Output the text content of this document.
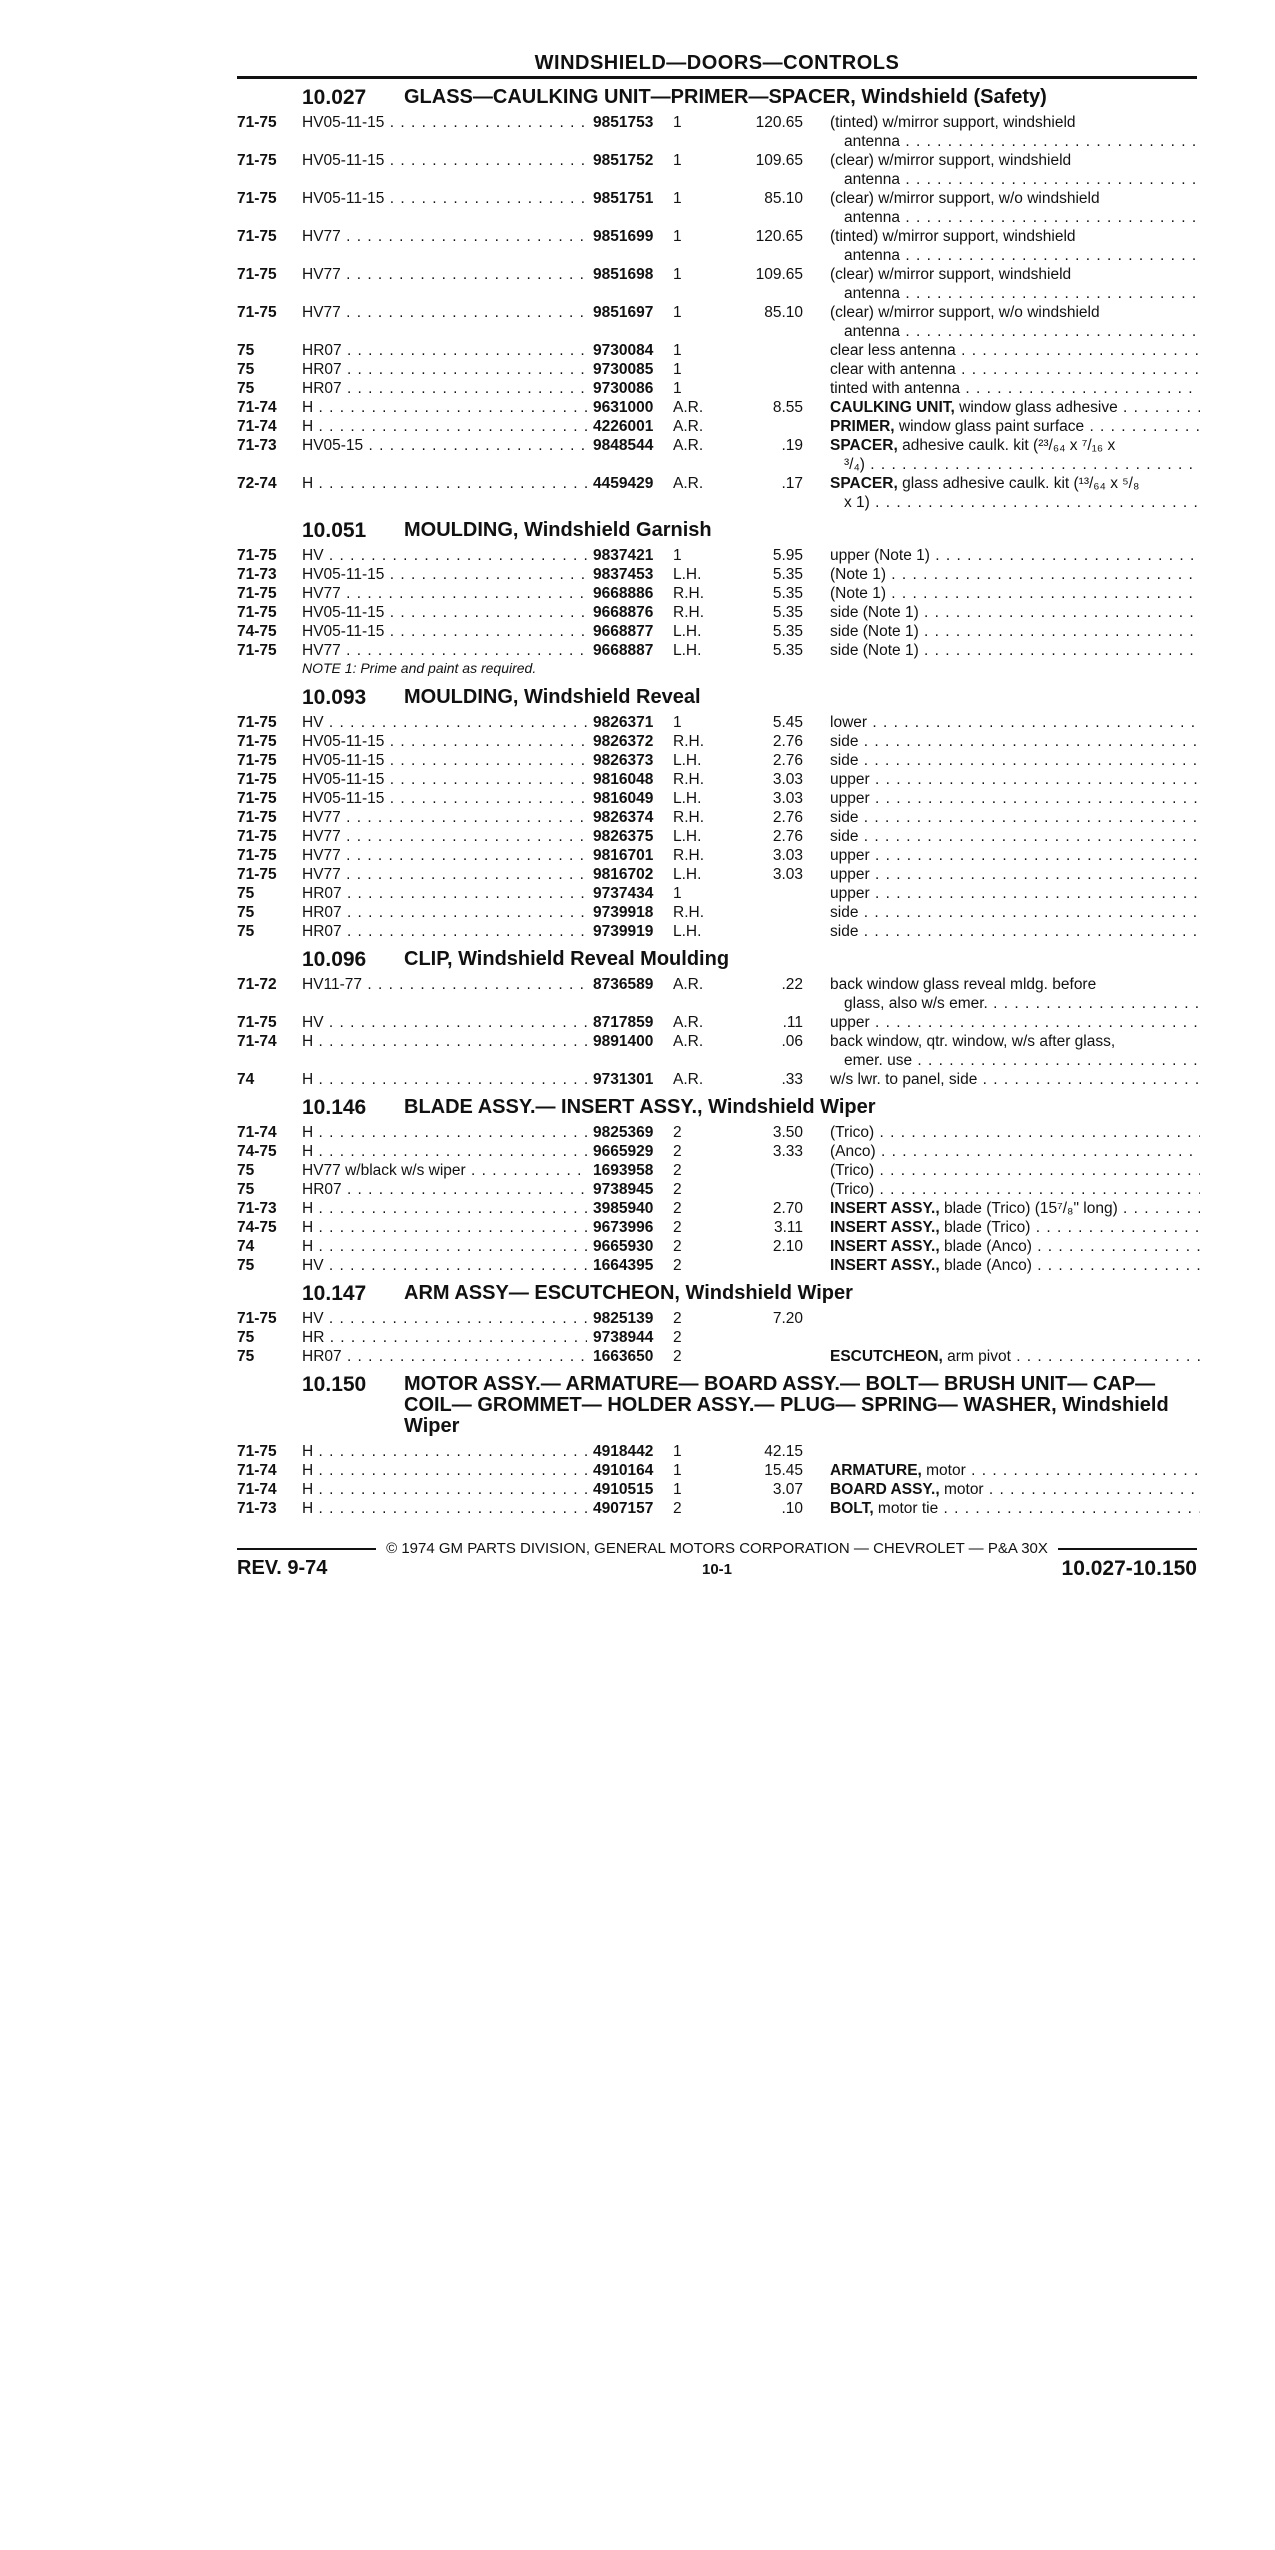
WINDSHIELD—DOORS—CONTROLS
10.027	GLASS—CAULKING UNIT—PRIMER—SPACER, Windshield (Safety)
71-75	HV05-11-15 . . .	9851753	1	120.65 (tinted) w/mirror support, windshield
antenna . . .
71-75	HV05-11-15 . . .	9851752	1	109.65 (clear) w/mirror support, windshield
antenna . . .
71-75	HV05-11-15 . . .	9851751	1	85.10 (clear) w/mirror support, w/o windshield
antenna . . .
71-75	HV77 . . .	9851699	1	120.65 (tinted) w/mirror support, windshield
antenna . . .
71-75	HV77 . . .	9851698	1	109.65 (clear) w/mirror support, windshield
antenna . . .
71-75	HV77 . . .	9851697	1	85.10 (clear) w/mirror support, w/o windshield
antenna . . .
75	HR07 . . .	9730084	1	clear less antenna . . .
75	HR07 . . .	9730085	1	clear with antenna . . .
75	HR07 . . .	9730086	1	tinted with antenna . . .
71-74	H . . .	9631000	A.R.	8.55 CAULKING UNIT, window glass adhesive . . .
71-74	H . . .	4226001	A.R.	PRIMER, window glass paint surface . . .
71-73	HV05-15 . . .	9848544	A.R.	.19 SPACER, adhesive caulk. kit (²³/₆₄ x ⁷/₁₆ x
³/₄) . . .
72-74	H . . .	4459429	A.R.	.17 SPACER, glass adhesive caulk. kit (¹³/₆₄ x ⁵/₈
x 1) . . .
10.051	MOULDING, Windshield Garnish
71-75	HV . . .	9837421	1	5.95 upper (Note 1) . . .
71-73	HV05-11-15 . . .	9837453	L.H.	5.35 (Note 1) . . .
71-75	HV77 . . .	9668886	R.H.	5.35 (Note 1) . . .
71-75	HV05-11-15 . . .	9668876	R.H.	5.35 side (Note 1) . . .
74-75	HV05-11-15 . . .	9668877	L.H.	5.35 side (Note 1) . . .
71-75	HV77 . . .	9668887	L.H.	5.35 side (Note 1) . . .
NOTE 1: Prime and paint as required.
10.093	MOULDING, Windshield Reveal
71-75	HV . . .	9826371	1	5.45 lower . . .
71-75	HV05-11-15 . . .	9826372	R.H.	2.76 side . . .
71-75	HV05-11-15 . . .	9826373	L.H.	2.76 side . . .
71-75	HV05-11-15 . . .	9816048	R.H.	3.03 upper . . .
71-75	HV05-11-15 . . .	9816049	L.H.	3.03 upper . . .
71-75	HV77 . . .	9826374	R.H.	2.76 side . . .
71-75	HV77 . . .	9826375	L.H.	2.76 side . . .
71-75	HV77 . . .	9816701	R.H.	3.03 upper . . .
71-75	HV77 . . .	9816702	L.H.	3.03 upper . . .
75	HR07 . . .	9737434	1	upper . . .
75	HR07 . . .	9739918	R.H.	side . . .
75	HR07 . . .	9739919	L.H.	side . . .
10.096	CLIP, Windshield Reveal Moulding
71-72	HV11-77 . . .	8736589	A.R.	.22 back window glass reveal mldg. before
glass, also w/s emer. . . .
71-75	HV . . .	8717859	A.R.	.11 upper . . .
71-74	H . . .	9891400	A.R.	.06 back window, qtr. window, w/s after glass,
emer. use . . .
74	H . . .	9731301	A.R.	.33 w/s lwr. to panel, side . . .
10.146	BLADE ASSY.— INSERT ASSY., Windshield Wiper
71-74	H . . .	9825369	2	3.50 (Trico) . . .
74-75	H . . .	9665929	2	3.33 (Anco) . . .
75	HV77 w/black w/s wiper . . .	1693958	2	(Trico) . . .
75	HR07 . . .	9738945	2	(Trico) . . .
71-73	H . . .	3985940	2	2.70 INSERT ASSY., blade (Trico) (15⁷/₈" long) . . .
74-75	H . . .	9673996	2	3.11 INSERT ASSY., blade (Trico) . . .
74	H . . .	9665930	2	2.10 INSERT ASSY., blade (Anco) . . .
75	HV . . .	1664395	2	INSERT ASSY., blade (Anco) . . .
10.147	ARM ASSY— ESCUTCHEON, Windshield Wiper
71-75	HV . . .	9825139	2	7.20
75	HR . . .	9738944	2
75	HR07 . . .	1663650	2	ESCUTCHEON, arm pivot . . .
10.150	MOTOR ASSY.— ARMATURE— BOARD ASSY.— BOLT— BRUSH UNIT— CAP— COIL— GROMMET— HOLDER ASSY.— PLUG— SPRING— WASHER, Windshield Wiper
71-75	H . . .	4918442	1	42.15
71-74	H . . .	4910164	1	15.45 ARMATURE, motor . . .
71-74	H . . .	4910515	1	3.07 BOARD ASSY., motor . . .
71-73	H . . .	4907157	2	.10 BOLT, motor tie . . .
© 1974 GM PARTS DIVISION, GENERAL MOTORS CORPORATION — CHEVROLET — P&A 30X
REV. 9-74	10-1	10.027-10.150
